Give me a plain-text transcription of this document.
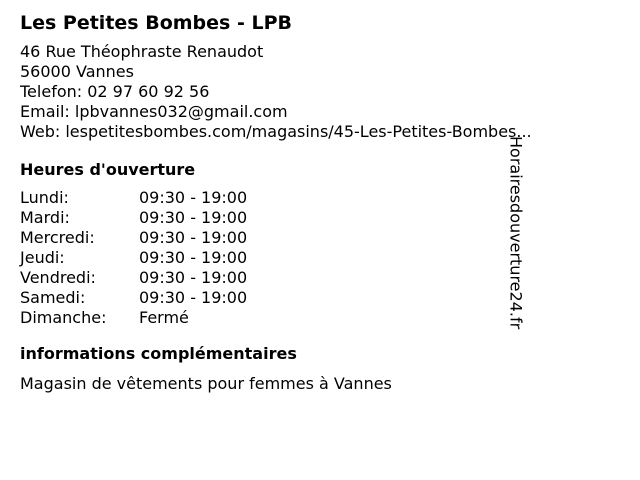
Les Petites Bombes - LPB
46 Rue Théophraste Renaudot
56000 Vannes
Telefon: 02 97 60 92 56
Email: lpbvannes032@gmail.com
Web: lespetitesbombes.com/magasins/45-Les-Petites-Bombes...
Heures d'ouverture
Lundi:	09:30 - 19:00
Mardi:	09:30 - 19:00
Mercredi:	09:30 - 19:00
Jeudi:	09:30 - 19:00
Vendredi:	09:30 - 19:00
Samedi:	09:30 - 19:00
Dimanche:	Fermé
informations complémentaires
Magasin de vêtements pour femmes à Vannes
Horairesdouverture24.fr
